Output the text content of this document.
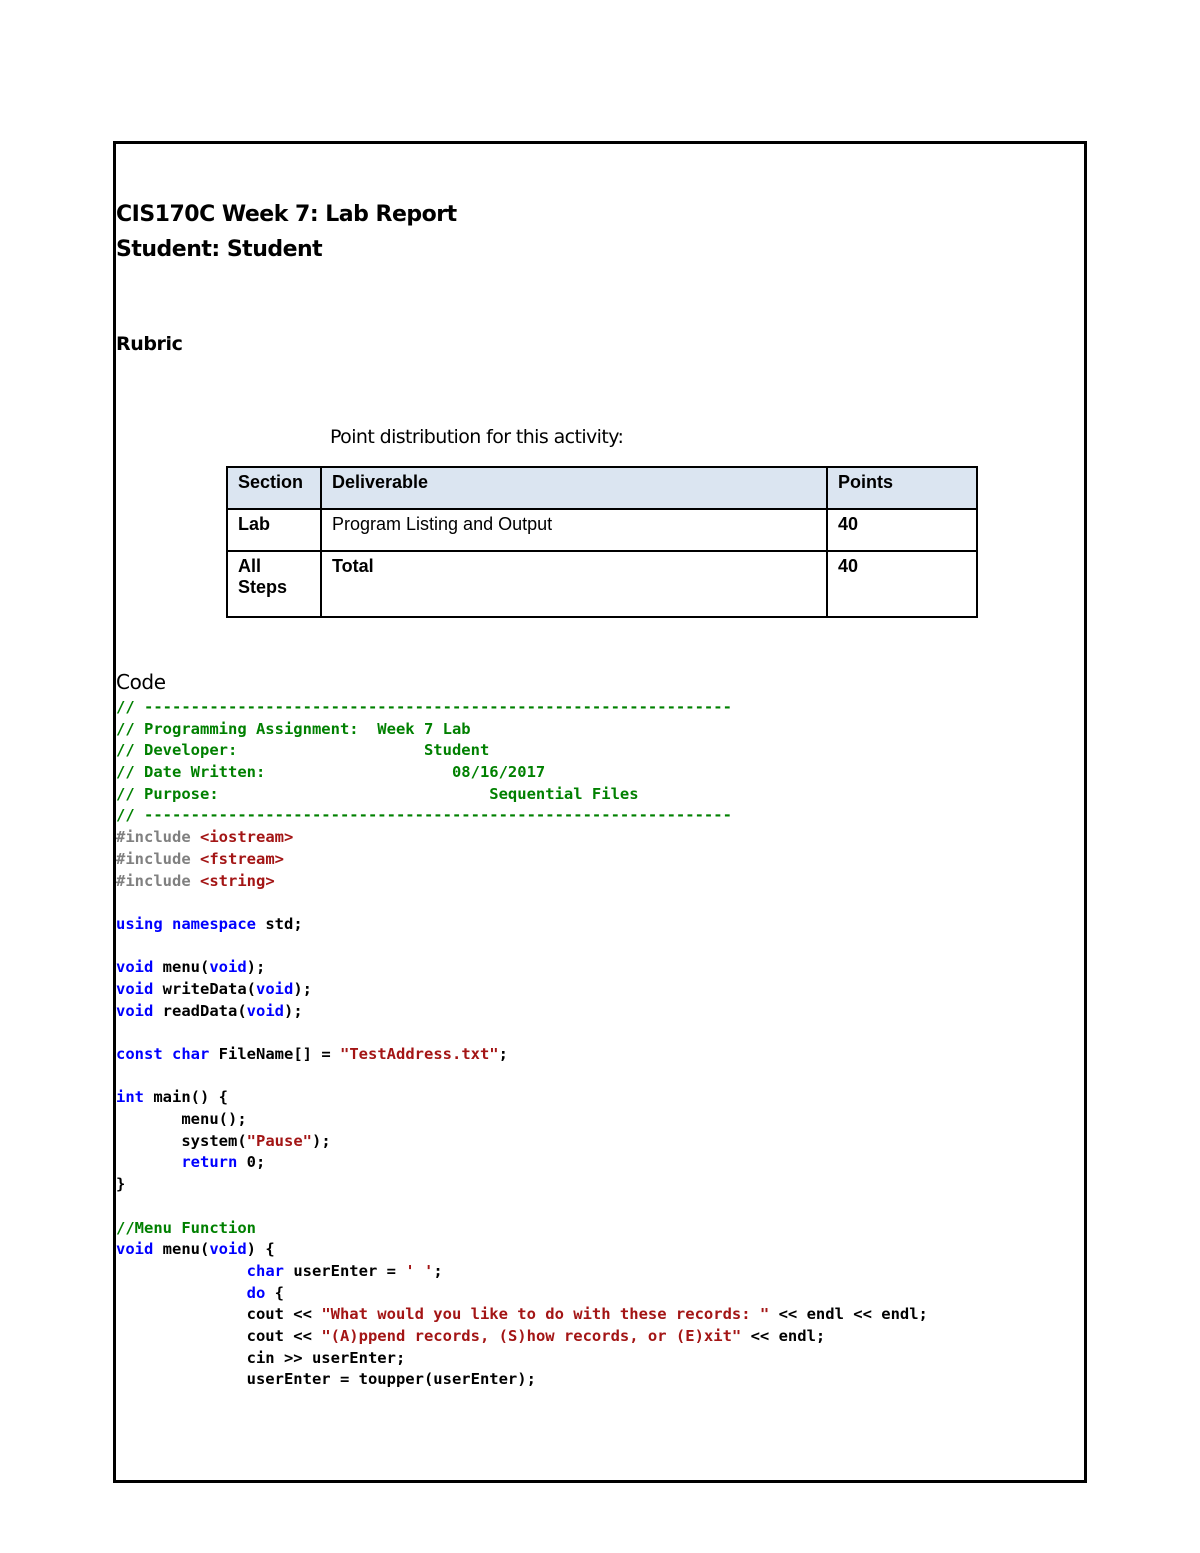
CIS170C Week 7: Lab Report
Student: Student
Rubric
Point distribution for this activity:
Section	Deliverable	Points
Lab	Program Listing and Output	40
All Steps	Total	40
Code
// ---------------------------------------------------------------
// Programming Assignment:  Week 7 Lab
// Developer:                    Student
// Date Written:                    08/16/2017
// Purpose:                             Sequential Files
// ---------------------------------------------------------------
#include <iostream>
#include <fstream>
#include <string>

using namespace std;

void menu(void);
void writeData(void);
void readData(void);

const char FileName[] = "TestAddress.txt";

int main() {
menu();
system("Pause");
return 0;
}

//Menu Function
void menu(void) {
char userEnter = ' ';
do {
cout << "What would you like to do with these records: " << endl << endl;
cout << "(A)ppend records, (S)how records, or (E)xit" << endl;
cin >> userEnter;
userEnter = toupper(userEnter);
